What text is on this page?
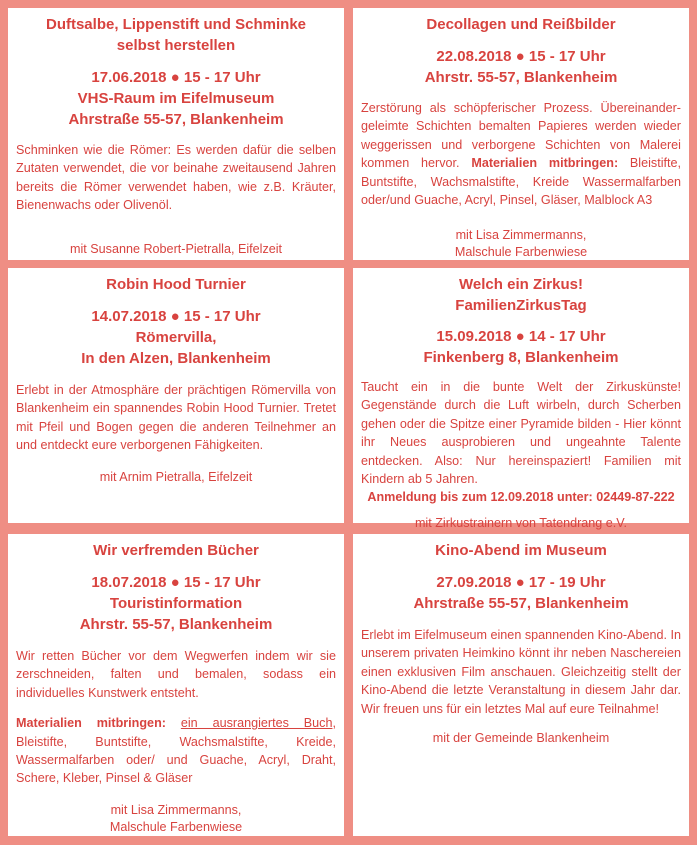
Duftsalbe, Lippenstift und Schminke
selbst herstellen
17.06.2018 ● 15 - 17 Uhr
VHS-Raum im Eifelmuseum
Ahrstraße 55-57, Blankenheim
Schminken wie die Römer: Es werden dafür die selben Zutaten verwendet, die vor beinahe zweitausend Jahren bereits die Römer verwendet haben, wie z.B. Kräuter, Bienenwachs oder Olivenöl.
mit Susanne Robert-Pietralla, Eifelzeit
Decollagen und Reißbilder
22.08.2018 ● 15 - 17 Uhr
Ahrstr. 55-57, Blankenheim
Zerstörung als schöpferischer Prozess. Übereinander-geleimte Schichten bemalten Papieres werden wieder weggerissen und verborgene Schichten von Malerei kommen hervor. Materialien mitbringen: Bleistifte, Buntstifte, Wachsmalstifte, Kreide Wassermalfarben oder/und Guache, Acryl, Pinsel, Gläser, Malblock A3
mit Lisa Zimmermanns,
Malschule Farbenwiese
Robin Hood Turnier
14.07.2018 ● 15 - 17 Uhr
Römervilla,
In den Alzen, Blankenheim
Erlebt in der Atmosphäre der prächtigen Römervilla von Blankenheim ein spannendes Robin Hood Turnier. Tretet mit Pfeil und Bogen gegen die anderen Teilnehmer an und entdeckt eure verborgenen Fähigkeiten.
mit Arnim Pietralla, Eifelzeit
Welch ein Zirkus!
FamilienZirkusTag
15.09.2018 ● 14 - 17 Uhr
Finkenberg 8, Blankenheim
Taucht ein in die bunte Welt der Zirkuskünste! Gegenstände durch die Luft wirbeln, durch Scherben gehen oder die Spitze einer Pyramide bilden - Hier könnt ihr Neues ausprobieren und ungeahnte Talente entdecken. Also: Nur hereinspaziert! Familien mit Kindern ab 5 Jahren.
Anmeldung bis zum 12.09.2018 unter: 02449-87-222
mit Zirkustrainern von Tatendrang e.V.
Wir verfremden Bücher
18.07.2018 ● 15 - 17 Uhr
Touristinformation
Ahrstr. 55-57, Blankenheim
Wir retten Bücher vor dem Wegwerfen indem wir sie zerschneiden, falten und bemalen, sodass ein individuelles Kunstwerk entsteht.
Materialien mitbringen: ein ausrangiertes Buch, Bleistifte, Buntstifte, Wachsmalstifte, Kreide, Wassermalfarben oder/ und Guache, Acryl, Draht, Schere, Kleber, Pinsel & Gläser
mit Lisa Zimmermanns,
Malschule Farbenwiese
Kino-Abend im Museum
27.09.2018 ● 17 - 19 Uhr
Ahrstraße 55-57, Blankenheim
Erlebt im Eifelmuseum einen spannenden Kino-Abend. In unserem privaten Heimkino könnt ihr neben Naschereien einen exklusiven Film anschauen. Gleichzeitig stellt der Kino-Abend die letzte Veranstaltung in diesem Jahr dar. Wir freuen uns für ein letztes Mal auf eure Teilnahme!
mit der Gemeinde Blankenheim
